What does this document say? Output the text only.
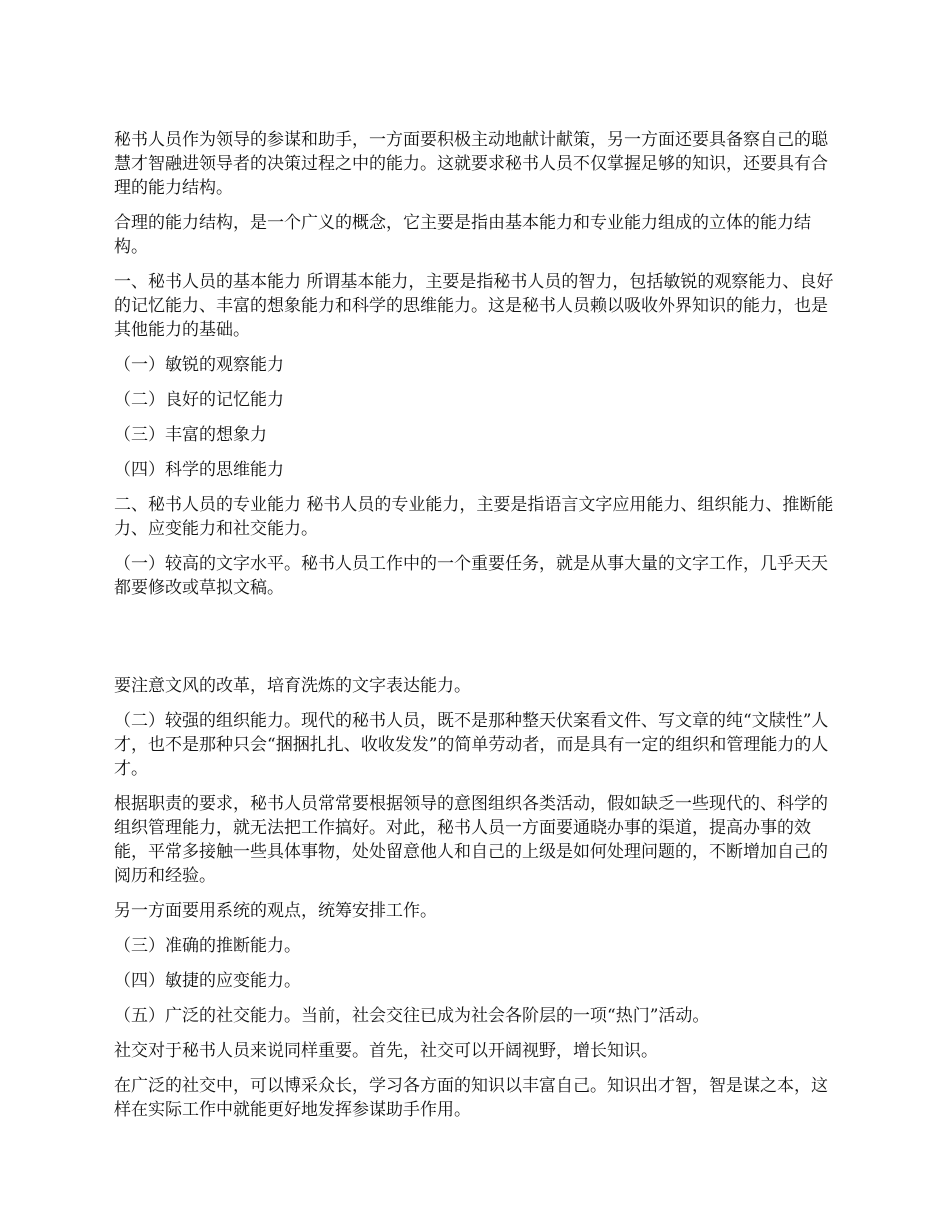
秘书人员作为领导的参谋和助手，一方面要积极主动地献计献策，另一方面还要具备察自己的聪慧才智融进领导者的决策过程之中的能力。这就要求秘书人员不仅掌握足够的知识，还要具有合理的能力结构。

合理的能力结构，是一个广义的概念，它主要是指由基本能力和专业能力组成的立体的能力结构。

一、秘书人员的基本能力 所谓基本能力，主要是指秘书人员的智力，包括敏锐的观察能力、良好的记忆能力、丰富的想象能力和科学的思维能力。这是秘书人员赖以吸收外界知识的能力，也是其他能力的基础。

（一）敏锐的观察能力

（二）良好的记忆能力

（三）丰富的想象力

（四）科学的思维能力

二、秘书人员的专业能力 秘书人员的专业能力，主要是指语言文字应用能力、组织能力、推断能力、应变能力和社交能力。

（一）较高的文字水平。秘书人员工作中的一个重要任务，就是从事大量的文字工作，几乎天天都要修改或草拟文稿。

要注意文风的改革，培育洗炼的文字表达能力。

（二）较强的组织能力。现代的秘书人员，既不是那种整天伏案看文件、写文章的纯“文牍性”人才，也不是那种只会“捆捆扎扎、收收发发”的简单劳动者，而是具有一定的组织和管理能力的人才。

根据职责的要求，秘书人员常常要根据领导的意图组织各类活动，假如缺乏一些现代的、科学的组织管理能力，就无法把工作搞好。对此，秘书人员一方面要通晓办事的渠道，提高办事的效能，平常多接触一些具体事物，处处留意他人和自己的上级是如何处理问题的，不断增加自己的阅历和经验。

另一方面要用系统的观点，统筹安排工作。

（三）准确的推断能力。

（四）敏捷的应变能力。

（五）广泛的社交能力。当前，社会交往已成为社会各阶层的一项“热门”活动。

社交对于秘书人员来说同样重要。首先，社交可以开阔视野，增长知识。

在广泛的社交中，可以博采众长，学习各方面的知识以丰富自己。知识出才智，智是谋之本，这样在实际工作中就能更好地发挥参谋助手作用。
